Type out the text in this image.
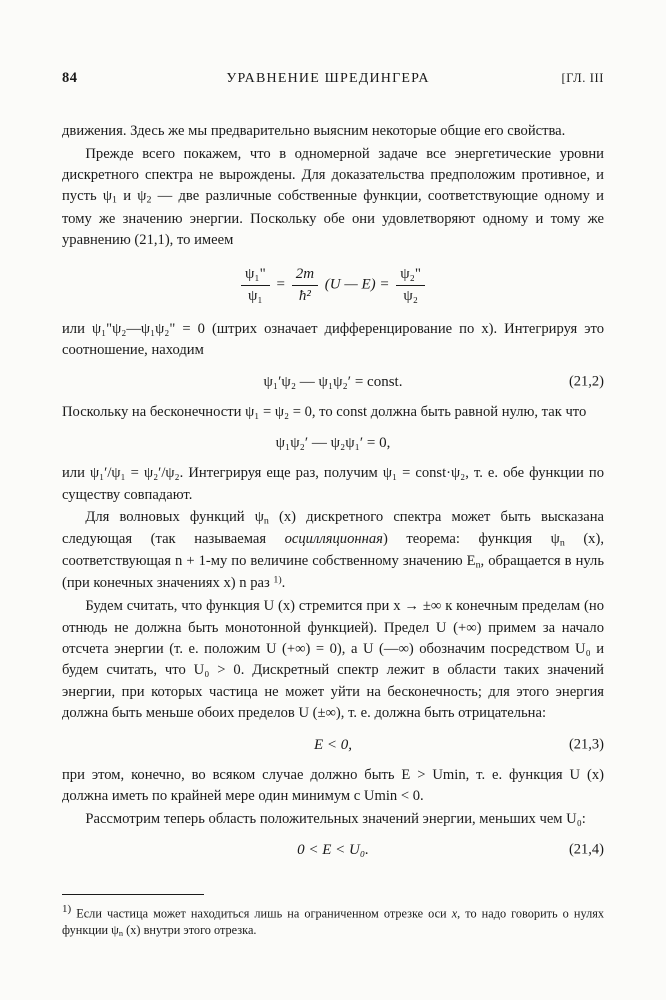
84	УРАВНЕНИЕ ШРЕДИНГЕРА	[ГЛ. III

движения. Здесь же мы предварительно выясним некоторые общие его свойства.

Прежде всего покажем, что в одномерной задаче все энергетические уровни дискретного спектра не вырождены. Для доказательства предположим противное, и пусть $\psi_1$ и $\psi_2$ — две различные собственные функции, соответствующие одному и тому же значению энергии. Поскольку обе они удовлетворяют одному и тому же уравнению (21,1), то имеем

$\frac{\text{ψ₁"}}{\text{ψ₁}} = \frac{2m}{\text{ħ²}} (U$ — $E) = \frac{\text{ψ₂"}}{\text{ψ₂}}$

или ψ₁"ψ₂—ψ₁ψ₂" = 0 (штрих означает дифференцирование по x). Интегрируя это соотношение, находим

ψ₁′ψ₂ — ψ₁ψ₂′ = const.	(21,2)

Поскольку на бесконечности ψ₁ = ψ₂ = 0, то const должна быть равной нулю, так что

ψ₁ψ₂′ — ψ₂ψ₁′ = 0,

или ψ₁′/ψ₁ = ψ₂′/ψ₂. Интегрируя еще раз, получим ψ₁ = const·ψ₂, т. е. обе функции по существу совпадают.

Для волновых функций $\psi_n$ (x) дискретного спектра может быть высказана следующая (так называемая осцилляционная) теорема: функция $\psi_n$ (x), соответствующая n + 1-му по величине собственному значению $E_n$, обращается в нуль (при конечных значениях x) n раз $^{1)}$.

Будем считать, что функция U (x) стремится при x → ±∞ к конечным пределам (но отнюдь не должна быть монотонной функцией). Предел U (+∞) примем за начало отсчета энергии (т. е. положим U (+∞) = 0), а U (—∞) обозначим посредством U₀ и будем считать, что U₀ > 0. Дискретный спектр лежит в области таких значений энергии, при которых частица не может уйти на бесконечность; для этого энергия должна быть меньше обоих пределов U (±∞), т. е. должна быть отрицательна:

E < 0,	(21,3)

при этом, конечно, во всяком случае должно быть E > Umin, т. е. функция U (x) должна иметь по крайней мере один минимум с Umin < 0.

Рассмотрим теперь область положительных значений энергии, меньших чем U₀:

0 < E < U₀.	(21,4)
1) Если частица может находиться лишь на ограниченном отрезке оси x, то надо говорить о нулях функции $\psi_n$ (x) внутри этого отрезка.
